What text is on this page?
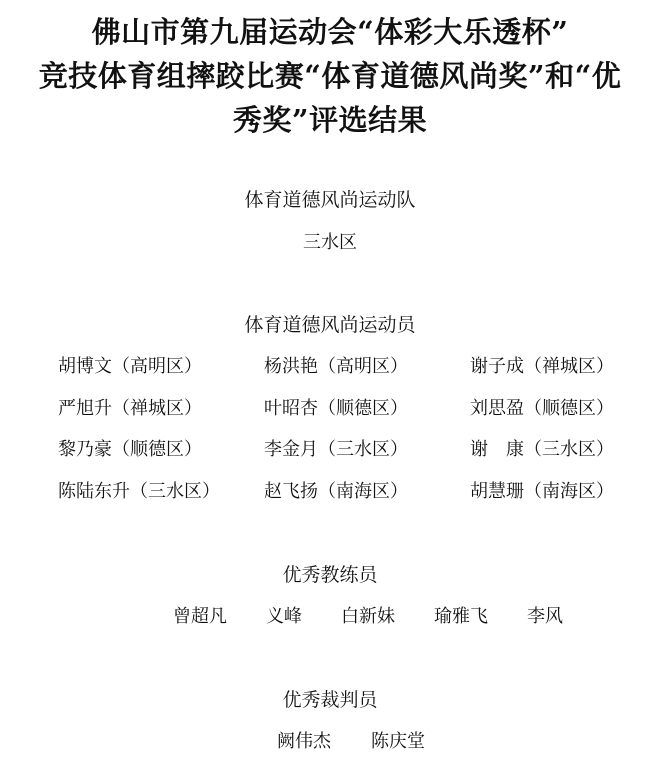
佛山市第九届运动会“体彩大乐透杯”
竞技体育组摔跤比赛“体育道德风尚奖”和“优
秀奖”评选结果
体育道德风尚运动队
三水区
体育道德风尚运动员
胡博文（高明区）	杨洪艳（高明区）	谢子成（禅城区）
严旭升（禅城区）	叶昭杏（顺德区）	刘思盈（顺德区）
黎乃豪（顺德区）	李金月（三水区）	谢　康（三水区）
陈陆东升（三水区） 赵飞扬（南海区）	胡慧珊（南海区）
优秀教练员
曾超凡 义峰 白新妹 瑜雅飞 李风
优秀裁判员
阙伟杰 陈庆堂
